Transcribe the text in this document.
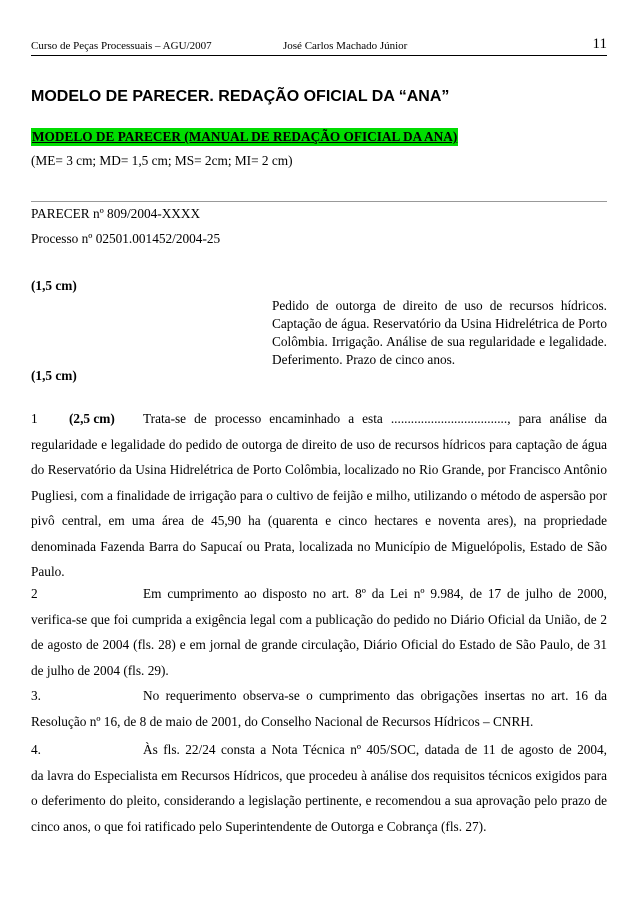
Curso de Peças Processuais – AGU/2007	José Carlos Machado Júnior	11
MODELO DE PARECER. REDAÇÃO OFICIAL DA “ANA”
MODELO DE PARECER (MANUAL DE REDAÇÃO OFICIAL DA ANA)
(ME= 3 cm; MD= 1,5 cm; MS= 2cm; MI= 2 cm)
PARECER nº 809/2004-XXXX
Processo nº 02501.001452/2004-25
(1,5 cm)
Pedido de outorga de direito de uso de recursos hídricos. Captação de água. Reservatório da Usina Hidrelétrica de Porto Colômbia. Irrigação. Análise de sua regularidade e legalidade. Deferimento. Prazo de cinco anos.
(1,5 cm)
1	(2,5 cm)	Trata-se de processo encaminhado a esta ..................................., para análise da
regularidade e legalidade do pedido de outorga de direito de uso de recursos hídricos para captação de água do Reservatório da Usina Hidrelétrica de Porto Colômbia, localizado no Rio Grande, por Francisco Antônio Pugliesi, com a finalidade de irrigação para o cultivo de feijão e milho, utilizando o método de aspersão por pivô central, em uma área de 45,90 ha (quarenta e cinco hectares e noventa ares), na propriedade denominada Fazenda Barra do Sapucaí ou Prata, localizada no Município de Miguelópolis, Estado de São Paulo.
2	Em cumprimento ao disposto no art. 8º da Lei nº 9.984, de 17 de julho de 2000,
verifica-se que foi cumprida a exigência legal com a publicação do pedido no Diário Oficial da União, de 2 de agosto de 2004 (fls. 28) e em jornal de grande circulação, Diário Oficial do Estado de São Paulo, de 31 de julho de 2004 (fls. 29).
3.	No requerimento observa-se o cumprimento das obrigações insertas no art. 16 da
Resolução nº 16, de 8 de maio de 2001, do Conselho Nacional de Recursos Hídricos – CNRH.
4.	Às fls. 22/24 consta a Nota Técnica nº 405/SOC, datada de 11 de agosto de 2004,
da lavra do Especialista em Recursos Hídricos, que procedeu à análise dos requisitos técnicos exigidos para o deferimento do pleito, considerando a legislação pertinente, e recomendou a sua aprovação pelo prazo de cinco anos, o que foi ratificado pelo Superintendente de Outorga e Cobrança (fls. 27).
